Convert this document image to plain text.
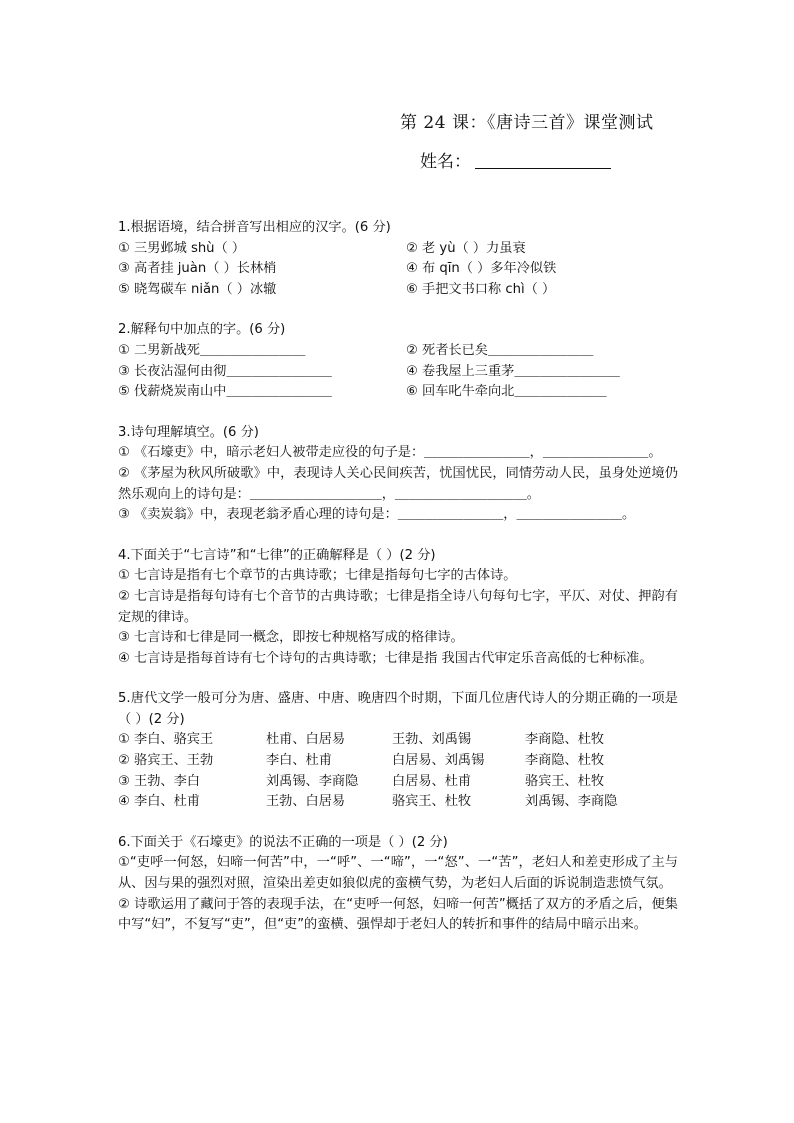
第 24 课：《唐诗三首》课堂测试
姓名：
1.根据语境，结合拼音写出相应的汉字。(6 分)
① 三男邺城 shù（ ）	② 老 yù（ ）力虽衰
③ 高者挂 juàn（ ）长林梢	④ 布 qīn（ ）多年冷似铁
⑤ 晓驾碳车 niǎn（ ）冰辙	⑥ 手把文书口称 chì（ ）
2.解释句中加点的字。(6 分)
① 二男新战死＿＿＿＿＿＿＿＿	② 死者长已矣＿＿＿＿＿＿＿＿
③ 长夜沾湿何由彻＿＿＿＿＿＿＿＿	④ 卷我屋上三重茅＿＿＿＿＿＿＿＿
⑤ 伐薪烧炭南山中＿＿＿＿＿＿＿＿	⑥ 回车叱牛牵向北＿＿＿＿＿＿＿
3.诗句理解填空。(6 分)
① 《石壕吏》中，暗示老妇人被带走应役的句子是：＿＿＿＿＿＿＿＿，＿＿＿＿＿＿＿＿。
② 《茅屋为秋风所破歌》中，表现诗人关心民间疾苦，忧国忧民，同情劳动人民，虽身处逆境仍然乐观向上的诗句是：＿＿＿＿＿＿＿＿＿＿，＿＿＿＿＿＿＿＿＿＿。
③ 《卖炭翁》中，表现老翁矛盾心理的诗句是：＿＿＿＿＿＿＿＿，＿＿＿＿＿＿＿＿。
4.下面关于“七言诗”和“七律”的正确解释是（ ）(2 分)
① 七言诗是指有七个章节的古典诗歌；七律是指每句七字的古体诗。
② 七言诗是指每句诗有七个音节的古典诗歌；七律是指全诗八句每句七字，平仄、对仗、押韵有定规的律诗。
③ 七言诗和七律是同一概念，即按七种规格写成的格律诗。
④ 七言诗是指每首诗有七个诗句的古典诗歌；七律是指 我国古代审定乐音高低的七种标准。
5.唐代文学一般可分为唐、盛唐、中唐、晚唐四个时期，下面几位唐代诗人的分期正确的一项是（ ）(2 分)
① 李白、骆宾王	杜甫、白居易	王勃、刘禹锡	李商隐、杜牧
② 骆宾王、王勃	李白、杜甫	白居易、刘禹锡	李商隐、杜牧
③ 王勃、李白	刘禹锡、李商隐	白居易、杜甫	骆宾王、杜牧
④ 李白、杜甫	王勃、白居易	骆宾王、杜牧	刘禹锡、李商隐
6.下面关于《石壕吏》的说法不正确的一项是（ ）(2 分)
①“吏呼一何怒，妇啼一何苦”中，一“呼”、一“啼”，一“怒”、一“苦”，老妇人和差吏形成了主与从、因与果的强烈对照，渲染出差吏如狼似虎的蛮横气势，为老妇人后面的诉说制造悲愤气氛。
② 诗歌运用了藏问于答的表现手法，在“吏呼一何怒，妇啼一何苦”概括了双方的矛盾之后，便集中写“妇”，不复写“吏”，但“吏”的蛮横、强悍却于老妇人的转折和事件的结局中暗示出来。
